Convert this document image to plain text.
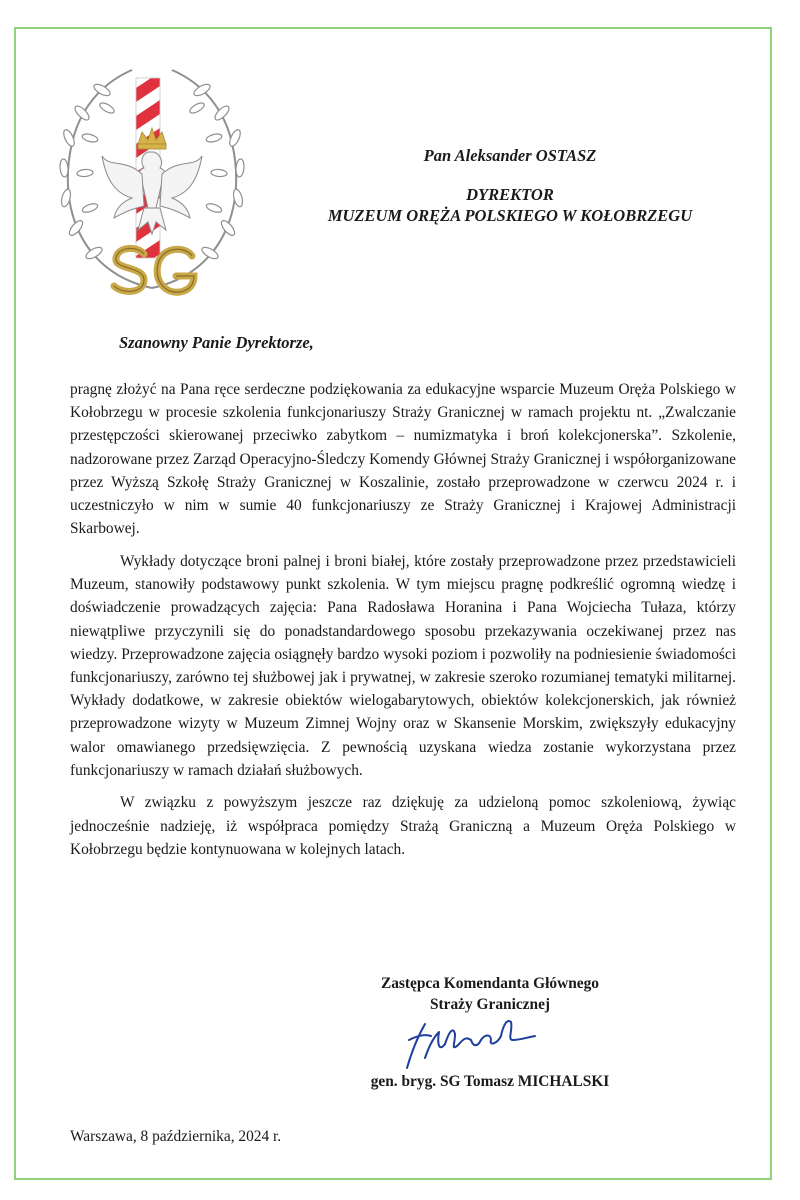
Pan Aleksander OSTASZ
DYREKTOR
MUZEUM ORĘŻA POLSKIEGO W KOŁOBRZEGU
Szanowny Panie Dyrektorze,

pragnę złożyć na Pana ręce serdeczne podziękowania za edukacyjne wsparcie Muzeum Oręża Polskiego w Kołobrzegu w procesie szkolenia funkcjonariuszy Straży Granicznej w ramach projektu nt. „Zwalczanie przestępczości skierowanej przeciwko zabytkom – numizmatyka i broń kolekcjonerska”. Szkolenie, nadzorowane przez Zarząd Operacyjno-Śledczy Komendy Głównej Straży Granicznej i współorganizowane przez Wyższą Szkołę Straży Granicznej w Koszalinie, zostało przeprowadzone w czerwcu 2024 r. i uczestniczyło w nim w sumie 40 funkcjonariuszy ze Straży Granicznej i Krajowej Administracji Skarbowej.

Wykłady dotyczące broni palnej i broni białej, które zostały przeprowadzone przez przedstawicieli Muzeum, stanowiły podstawowy punkt szkolenia. W tym miejscu pragnę podkreślić ogromną wiedzę i doświadczenie prowadzących zajęcia: Pana Radosława Horanina i Pana Wojciecha Tułaza, którzy niewątpliwe przyczynili się do ponadstandardowego sposobu przekazywania oczekiwanej przez nas wiedzy. Przeprowadzone zajęcia osiągnęły bardzo wysoki poziom i pozwoliły na podniesienie świadomości funkcjonariuszy, zarówno tej służbowej jak i prywatnej, w zakresie szeroko rozumianej tematyki militarnej. Wykłady dodatkowe, w zakresie obiektów wielogabarytowych, obiektów kolekcjonerskich, jak również przeprowadzone wizyty w Muzeum Zimnej Wojny oraz w Skansenie Morskim, zwiększyły edukacyjny walor omawianego przedsięwzięcia. Z pewnością uzyskana wiedza zostanie wykorzystana przez funkcjonariuszy w ramach działań służbowych.

W związku z powyższym jeszcze raz dziękuję za udzieloną pomoc szkoleniową, żywiąc jednocześnie nadzieję, iż współpraca pomiędzy Strażą Graniczną a Muzeum Oręża Polskiego w Kołobrzegu będzie kontynuowana w kolejnych latach.

Zastępca Komendanta Głównego
Straży Granicznej
gen. bryg. SG Tomasz MICHALSKI
Warszawa, 8 października, 2024 r.
